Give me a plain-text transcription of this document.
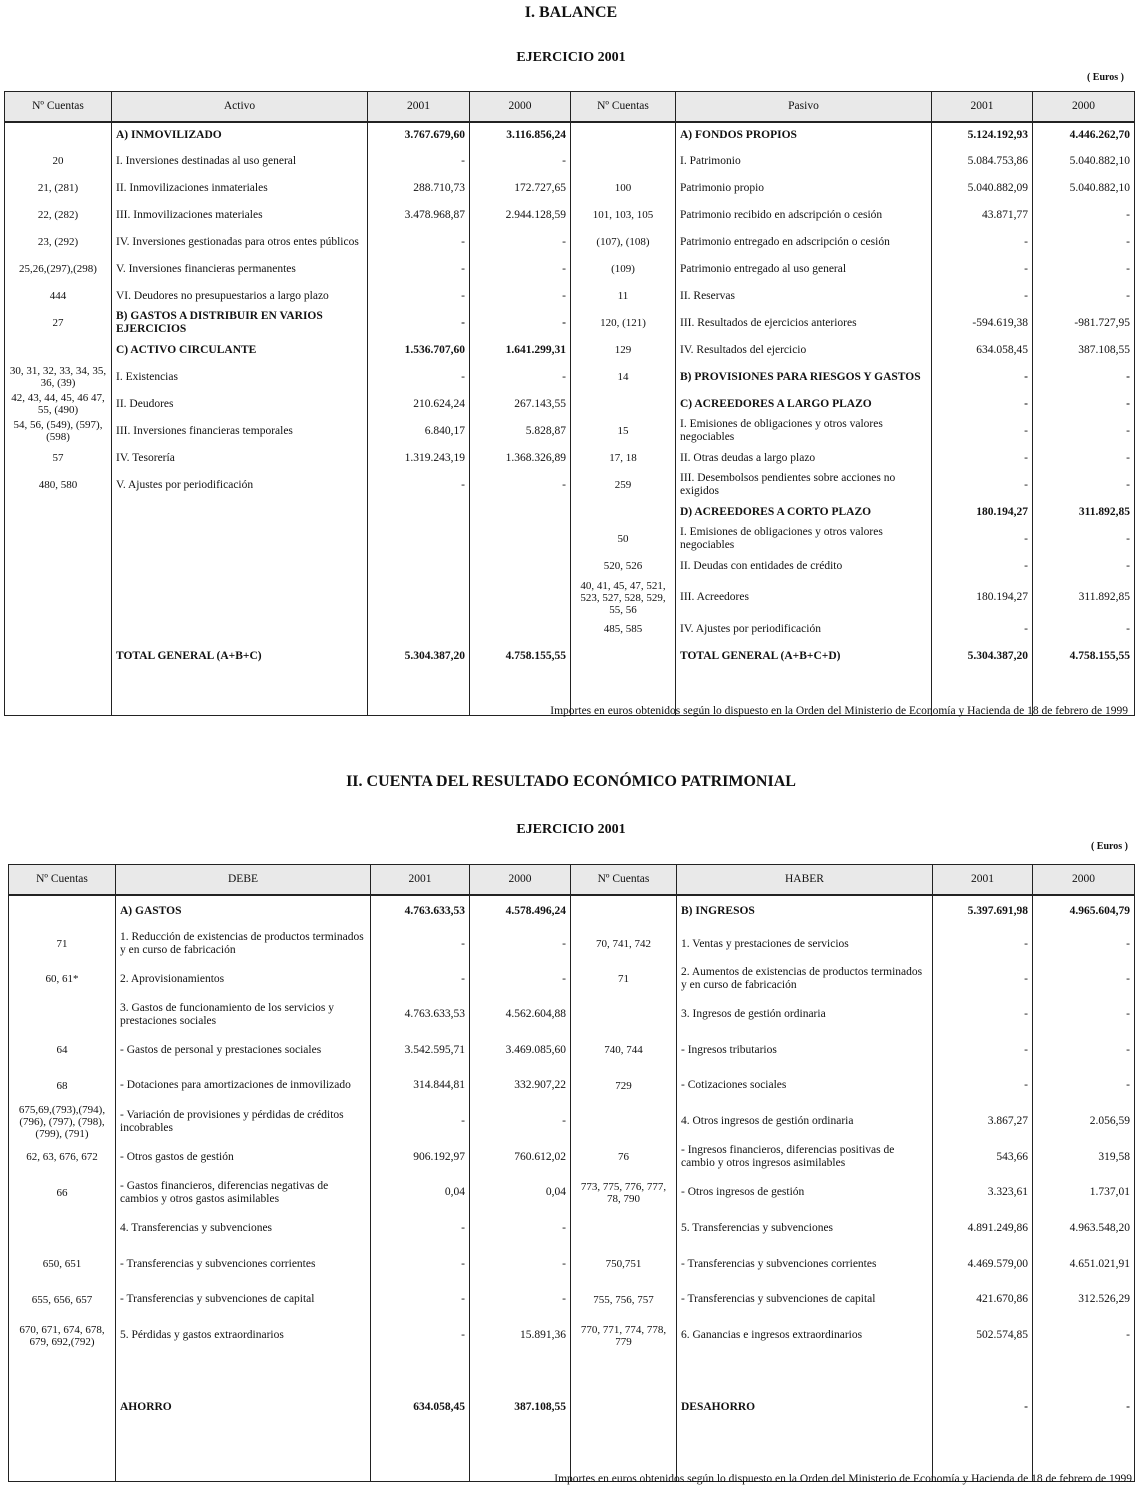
I. BALANCE
EJERCICIO 2001
( Euros )
Nº Cuentas	Activo	2001	2000	Nº Cuentas	Pasivo	2001	2000
	A) INMOVILIZADO	3.767.679,60	3.116.856,24		A) FONDOS PROPIOS	5.124.192,93	4.446.262,70
20	I. Inversiones destinadas al uso general	-	-		I. Patrimonio	5.084.753,86	5.040.882,10
21, (281)	II. Inmovilizaciones inmateriales	288.710,73	172.727,65	100	Patrimonio propio	5.040.882,09	5.040.882,10
22, (282)	III. Inmovilizaciones materiales	3.478.968,87	2.944.128,59	101, 103, 105	Patrimonio recibido en adscripción o cesión	43.871,77	-
23, (292)	IV. Inversiones gestionadas para otros entes públicos	-	-	(107), (108)	Patrimonio entregado en adscripción o cesión	-	-
25,26,(297),(298)	V. Inversiones financieras permanentes	-	-	(109)	Patrimonio entregado al uso general	-	-
444	VI. Deudores no presupuestarios a largo plazo	-	-	11	II. Reservas	-	-
27	B) GASTOS A DISTRIBUIR EN VARIOS EJERCICIOS	-	-	120, (121)	III. Resultados de ejercicios anteriores	-594.619,38	-981.727,95
	C) ACTIVO CIRCULANTE	1.536.707,60	1.641.299,31	129	IV. Resultados del ejercicio	634.058,45	387.108,55
30, 31, 32, 33, 34, 35, 36, (39)	I. Existencias	-	-	14	B) PROVISIONES PARA RIESGOS Y GASTOS	-	-
42, 43, 44, 45, 46 47, 55, (490)	II. Deudores	210.624,24	267.143,55		C) ACREEDORES A LARGO PLAZO	-	-
54, 56, (549), (597), (598)	III. Inversiones financieras temporales	6.840,17	5.828,87	15	I. Emisiones de obligaciones y otros valores negociables	-	-
57	IV. Tesorería	1.319.243,19	1.368.326,89	17, 18	II. Otras deudas a largo plazo	-	-
480, 580	V. Ajustes por periodificación	-	-	259	III. Desembolsos pendientes sobre acciones no exigidos	-	-
					D) ACREEDORES A CORTO PLAZO	180.194,27	311.892,85
				50	I. Emisiones de obligaciones y otros valores negociables	-	-
				520, 526	II. Deudas con entidades de crédito	-	-
				40, 41, 45, 47, 521, 523, 527, 528, 529, 55, 56	III. Acreedores	180.194,27	311.892,85
				485, 585	IV. Ajustes por periodificación	-	-
	TOTAL GENERAL (A+B+C)	5.304.387,20	4.758.155,55		TOTAL GENERAL (A+B+C+D)	5.304.387,20	4.758.155,55

Importes en euros obtenidos según lo dispuesto en la Orden del Ministerio de Economía y Hacienda de 18 de febrero de 1999
II. CUENTA DEL RESULTADO ECONÓMICO PATRIMONIAL
EJERCICIO 2001
( Euros )
Nº Cuentas	DEBE	2001	2000	Nº Cuentas	HABER	2001	2000
	A) GASTOS	4.763.633,53	4.578.496,24		B) INGRESOS	5.397.691,98	4.965.604,79
71	1. Reducción de existencias de productos terminados y en curso de fabricación	-	-	70, 741, 742	1. Ventas y prestaciones de servicios	-	-
60, 61*	2. Aprovisionamientos	-	-	71	2. Aumentos de existencias de productos terminados y en curso de fabricación	-	-
	3. Gastos de funcionamiento de los servicios y prestaciones sociales	4.763.633,53	4.562.604,88		3. Ingresos de gestión ordinaria	-	-
64	- Gastos de personal y prestaciones sociales	3.542.595,71	3.469.085,60	740, 744	- Ingresos tributarios	-	-
68	- Dotaciones para amortizaciones de inmovilizado	314.844,81	332.907,22	729	- Cotizaciones sociales	-	-
675,69,(793),(794), (796), (797), (798), (799), (791)	- Variación de provisiones y pérdidas de créditos incobrables	-	-		4. Otros ingresos de gestión ordinaria	3.867,27	2.056,59
62, 63, 676, 672	- Otros gastos de gestión	906.192,97	760.612,02	76	- Ingresos financieros, diferencias positivas de cambio y otros ingresos asimilables	543,66	319,58
66	- Gastos financieros, diferencias negativas de cambios y otros gastos asimilables	0,04	0,04	773, 775, 776, 777, 78, 790	- Otros ingresos de gestión	3.323,61	1.737,01
	4. Transferencias y subvenciones	-	-		5. Transferencias y subvenciones	4.891.249,86	4.963.548,20
650, 651	- Transferencias y subvenciones corrientes	-	-	750,751	- Transferencias y subvenciones corrientes	4.469.579,00	4.651.021,91
655, 656, 657	- Transferencias y subvenciones de capital	-	-	755, 756, 757	- Transferencias y subvenciones de capital	421.670,86	312.526,29
670, 671, 674, 678, 679, 692,(792)	5. Pérdidas y gastos extraordinarios	-	15.891,36	770, 771, 774, 778, 779	6. Ganancias e ingresos extraordinarios	502.574,85	-

	AHORRO	634.058,45	387.108,55		DESAHORRO	-	-

Importes en euros obtenidos según lo dispuesto en la Orden del Ministerio de Economía y Hacienda de 18 de febrero de 1999
